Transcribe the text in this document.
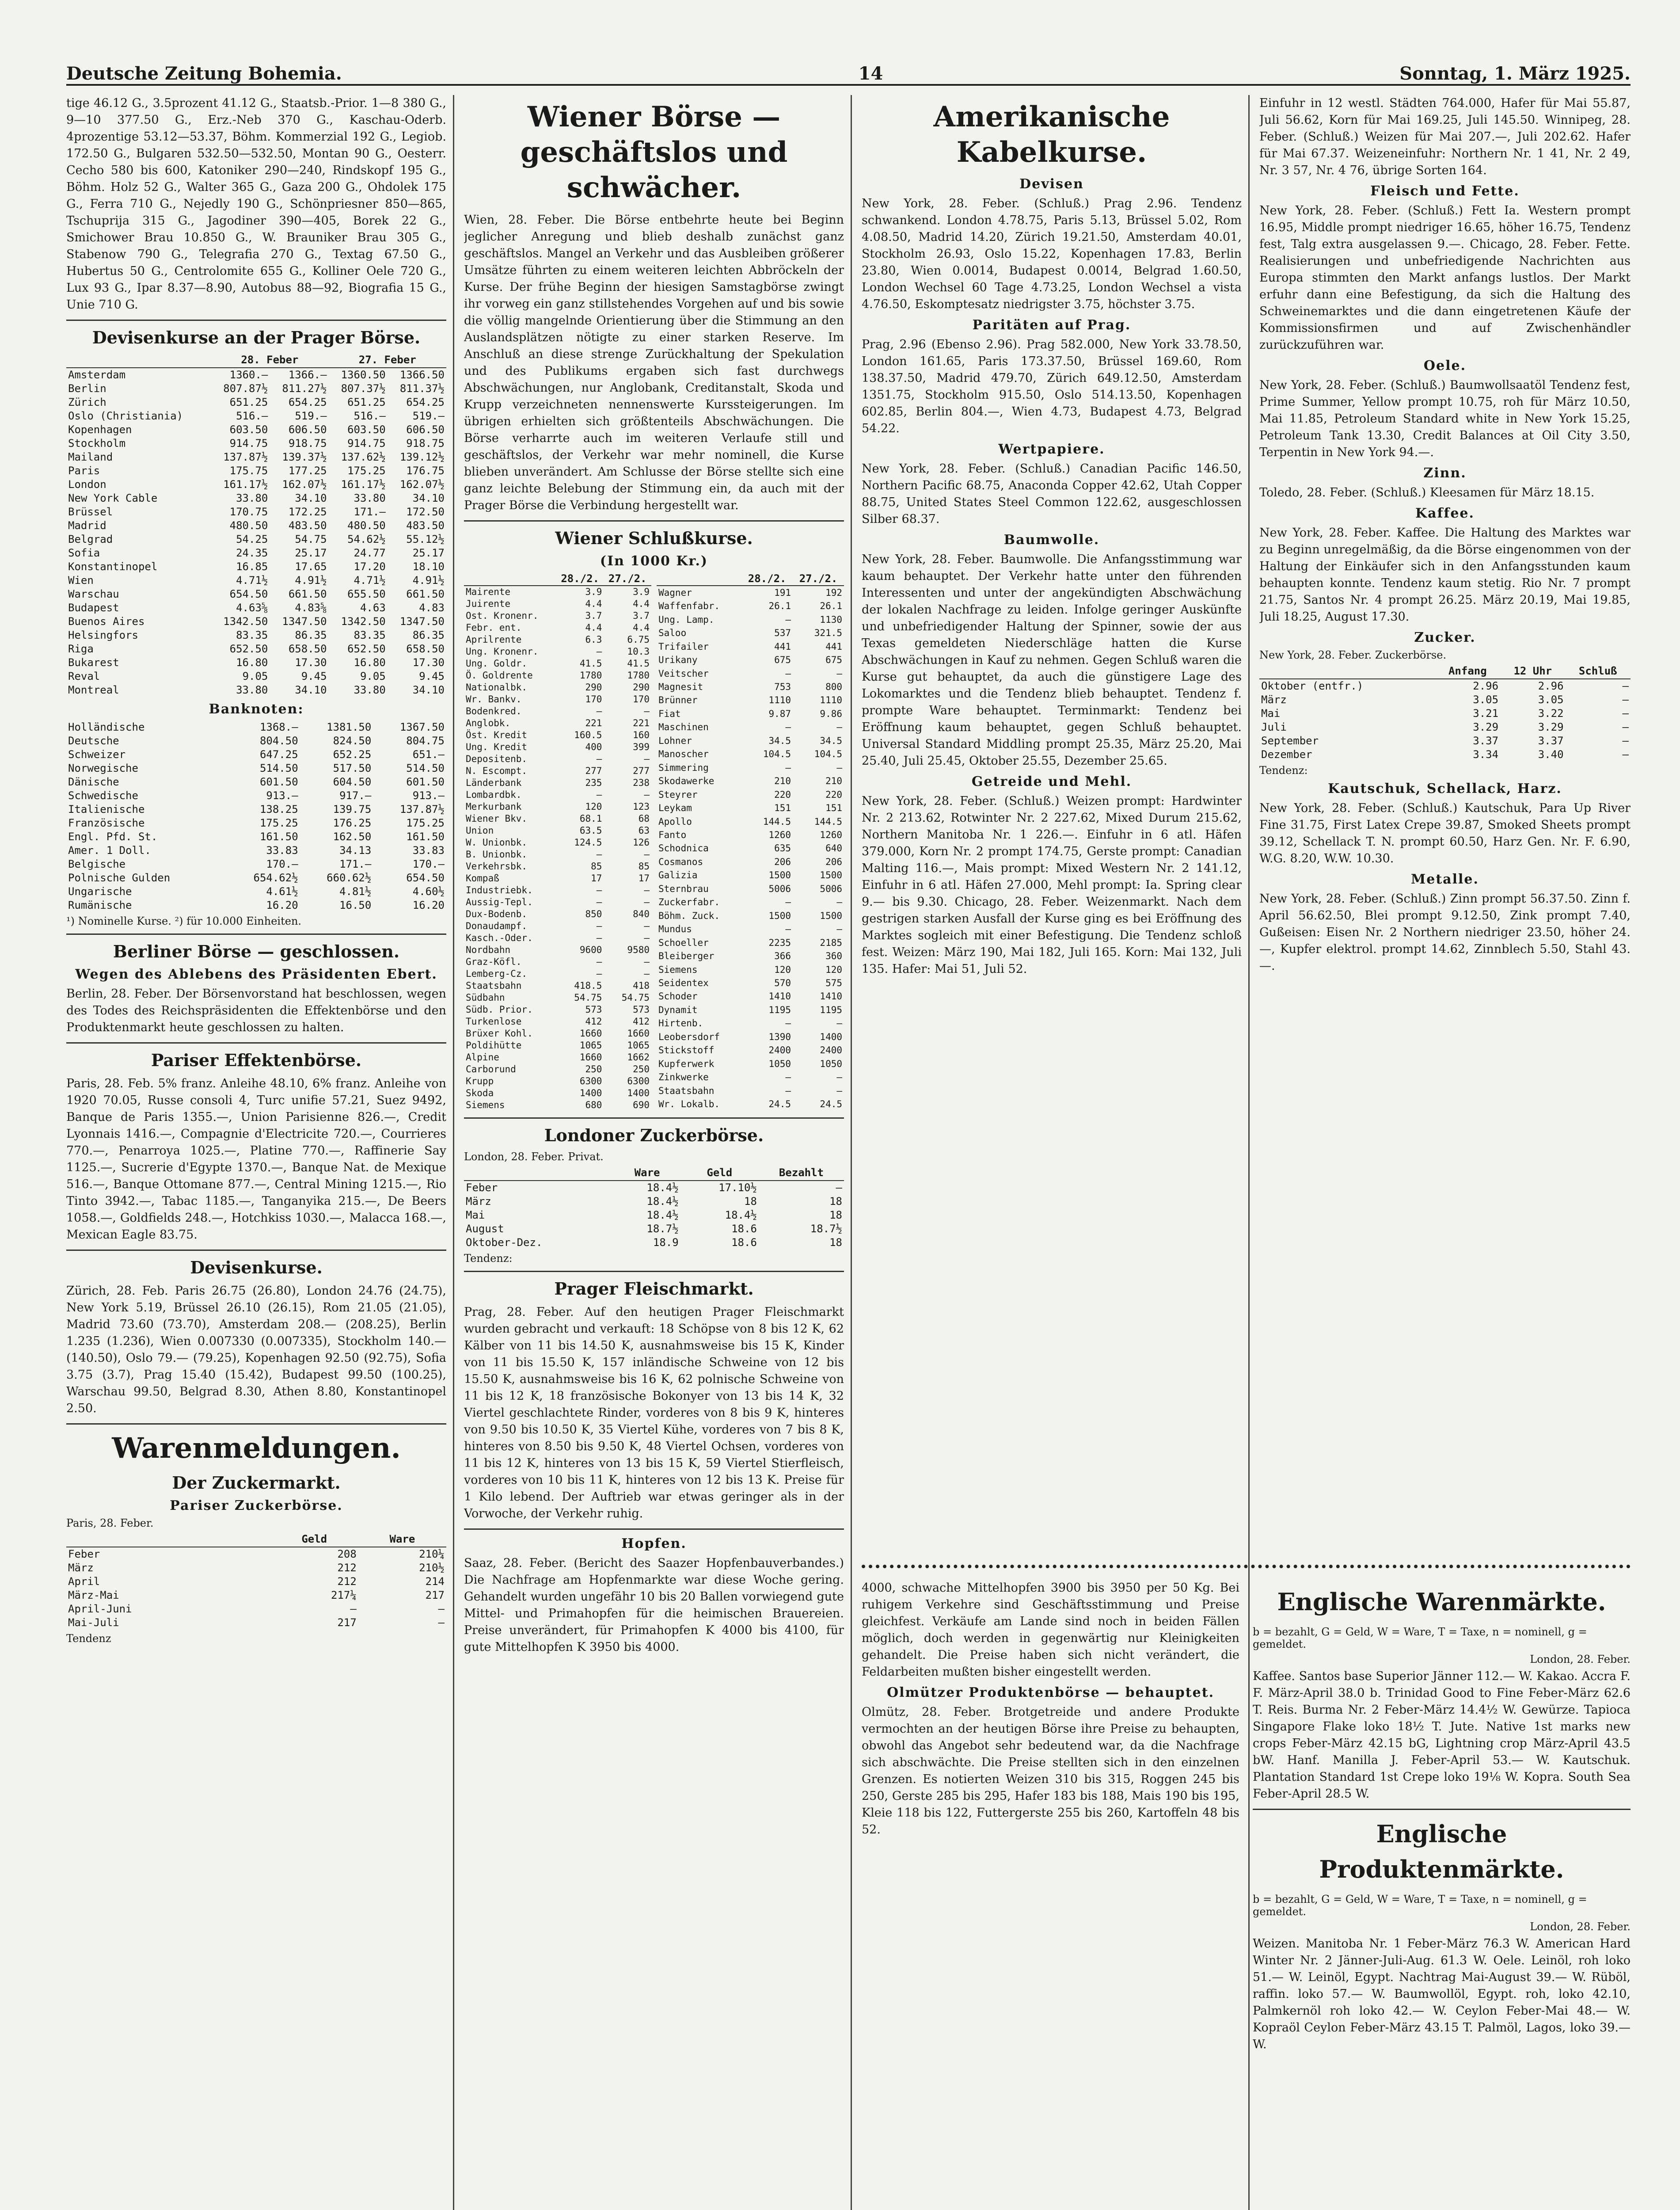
Deutsche Zeitung Bohemia.	14	Sonntag, 1. März 1925.

tige 46.12 G., 3.5prozent 41.12 G., Staatsb.-Prior. 1—8 380 G., 9—10 377.50 G., Erz.-Neb 370 G., Kaschau-Oderb. 4prozentige 53.12—53.37, Böhm. Kommerzial 192 G., Legiob. 172.50 G., Bulgaren 532.50—532.50, Montan 90 G., Oesterr. Cecho 580 bis 600, Katoniker 290—240, Rindskopf 195 G., Böhm. Holz 52 G., Walter 365 G., Gaza 200 G., Ohdolek 175 G., Ferra 710 G., Nejedly 190 G., Schönpriesner 850—865, Tschuprija 315 G., Jagodiner 390—405, Borek 22 G., Smichower Brau 10.850 G., W. Brauniker Brau 305 G., Stabenow 790 G., Telegrafia 270 G., Textag 67.50 G., Hubertus 50 G., Centrolomite 655 G., Kolliner Oele 720 G., Lux 93 G., Ipar 8.37—8.90, Autobus 88—92, Biografia 15 G., Unie 710 G.

Devisenkurse an der Prager Börse.
	28. Feber		27. Feber	
Amsterdam	1360.—	1366.—	1360.50	1366.50
Berlin	807.87½	811.27½	807.37½	811.37½
Zürich	651.25	654.25	651.25	654.25
Oslo (Christiania)	516.—	519.—	516.—	519.—
Kopenhagen	603.50	606.50	603.50	606.50
Stockholm	914.75	918.75	914.75	918.75
Mailand	137.87½	139.37½	137.62½	139.12½
Paris	175.75	177.25	175.25	176.75
London	161.17½	162.07½	161.17½	162.07½
New York Cable	33.80	34.10	33.80	34.10
Brüssel	170.75	172.25	171.—	172.50
Madrid	480.50	483.50	480.50	483.50
Belgrad	54.25	54.75	54.62½	55.12½
Sofia	24.35	25.17	24.77	25.17
Konstantinopel	16.85	17.65	17.20	18.10
Wien	4.71½	4.91½	4.71½	4.91½
Warschau	654.50	661.50	655.50	661.50
Budapest	4.63⅝	4.83⅝	4.63	4.83
Buenos Aires	1342.50	1347.50	1342.50	1347.50
Helsingfors	83.35	86.35	83.35	86.35
Riga	652.50	658.50	652.50	658.50
Bukarest	16.80	17.30	16.80	17.30
Reval	9.05	9.45	9.05	9.45
Montreal	33.80	34.10	33.80	34.10
Banknoten:
Holländische	1368.—	1381.50	1367.50
Deutsche	804.50	824.50	804.75
Schweizer	647.25	652.25	651.—
Norwegische	514.50	517.50	514.50
Dänische	601.50	604.50	601.50
Schwedische	913.—	917.—	913.—
Italienische	138.25	139.75	137.87½
Französische	175.25	176.25	175.25
Engl. Pfd. St.	161.50	162.50	161.50
Amer. 1 Doll.	33.83	34.13	33.83
Belgische	170.—	171.—	170.—
Polnische Gulden	654.62½	660.62½	654.50
Ungarische	4.61½	4.81½	4.60½
Rumänische	16.20	16.50	16.20
¹) Nominelle Kurse. ²) für 10.000 Einheiten.
Berliner Börse — geschlossen.
Wegen des Ablebens des Präsidenten Ebert.

Berlin, 28. Feber. Der Börsenvorstand hat beschlossen, wegen des Todes des Reichspräsidenten die Effektenbörse und den Produktenmarkt heute geschlossen zu halten.

Pariser Effektenbörse.

Paris, 28. Feb. 5% franz. Anleihe 48.10, 6% franz. Anleihe von 1920 70.05, Russe consoli 4, Turc unifie 57.21, Suez 9492, Banque de Paris 1355.—, Union Parisienne 826.—, Credit Lyonnais 1416.—, Compagnie d'Electricite 720.—, Courrieres 770.—, Penarroya 1025.—, Platine 770.—, Raffinerie Say 1125.—, Sucrerie d'Egypte 1370.—, Banque Nat. de Mexique 516.—, Banque Ottomane 877.—, Central Mining 1215.—, Rio Tinto 3942.—, Tabac 1185.—, Tanganyika 215.—, De Beers 1058.—, Goldfields 248.—, Hotchkiss 1030.—, Malacca 168.—, Mexican Eagle 83.75.

Devisenkurse.

Zürich, 28. Feb. Paris 26.75 (26.80), London 24.76 (24.75), New York 5.19, Brüssel 26.10 (26.15), Rom 21.05 (21.05), Madrid 73.60 (73.70), Amsterdam 208.— (208.25), Berlin 1.235 (1.236), Wien 0.007330 (0.007335), Stockholm 140.— (140.50), Oslo 79.— (79.25), Kopenhagen 92.50 (92.75), Sofia 3.75 (3.7), Prag 15.40 (15.42), Budapest 99.50 (100.25), Warschau 99.50, Belgrad 8.30, Athen 8.80, Konstantinopel 2.50.

Warenmeldungen.
Der Zuckermarkt.
Pariser Zuckerbörse.
Paris, 28. Feber.
	Geld	Ware
Feber	208	210¼
März	212	210½
April	212	214
März-Mai	217¼	217
April-Juni	—	—
Mai-Juli	217	—
Tendenz
Wiener Börse — geschäftslos und schwächer.

Wien, 28. Feber. Die Börse entbehrte heute bei Beginn jeglicher Anregung und blieb deshalb zunächst ganz geschäftslos. Mangel an Verkehr und das Ausbleiben größerer Umsätze führten zu einem weiteren leichten Abbröckeln der Kurse. Der frühe Beginn der hiesigen Samstagbörse zwingt ihr vorweg ein ganz stillstehendes Vorgehen auf und bis sowie die völlig mangelnde Orientierung über die Stimmung an den Auslandsplätzen nötigte zu einer starken Reserve. Im Anschluß an diese strenge Zurückhaltung der Spekulation und des Publikums ergaben sich fast durchwegs Abschwächungen, nur Anglobank, Creditanstalt, Skoda und Krupp verzeichneten nennenswerte Kurssteigerungen. Im übrigen erhielten sich größtenteils Abschwächungen. Die Börse verharrte auch im weiteren Verlaufe still und geschäftslos, der Verkehr war mehr nominell, die Kurse blieben unverändert. Am Schlusse der Börse stellte sich eine ganz leichte Belebung der Stimmung ein, da auch mit der Prager Börse die Verbindung hergestellt war.

Wiener Schlußkurse.
(In 1000 Kr.)
	28./2.	27./2.
Mairente	3.9	3.9
Juirente	4.4	4.4
Ost. Kronenr.	3.7	3.7
Febr. ent.	4.4	4.4
Aprilrente	6.3	6.75
Ung. Kronenr.	—	10.3
Ung. Goldr.	41.5	41.5
Ö. Goldrente	1780	1780
Nationalbk.	290	290
Wr. Bankv.	170	170
Bodenkred.	—	—
Anglobk.	221	221
Öst. Kredit	160.5	160
Ung. Kredit	400	399
Depositenb.	—	—
N. Escompt.	277	277
Länderbank	235	238
Lombardbk.	—	—
Merkurbank	120	123
Wiener Bkv.	68.1	68
Union	63.5	63
W. Unionbk.	124.5	126
B. Unionbk.	—	—
Verkehrsbk.	85	85
Kompaß	17	17
Industriebk.	—	—
Aussig-Tepl.	—	—
Dux-Bodenb.	850	840
Donaudampf.	—	—
Kasch.-Oder.	—	—
Nordbahn	9600	9580
Graz-Köfl.	—	—
Lemberg-Cz.	—	—
Staatsbahn	418.5	418
Südbahn	54.75	54.75
Südb. Prior.	573	573
Turkenlose	412	412
Brüxer Kohl.	1660	1660
Poldihütte	1065	1065
Alpine	1660	1662
Carborund	250	250
Krupp	6300	6300
Skoda	1400	1400
Siemens	680	690
	28./2.	27./2.
Wagner	191	192
Waffenfabr.	26.1	26.1
Ung. Lamp.	—	1130
Saloo	537	321.5
Trifailer	441	441
Urikany	675	675
Veitscher	—	—
Magnesit	753	800
Brünner	1110	1110
Fiat	9.87	9.86
Maschinen	—	—
Lohner	34.5	34.5
Manoscher	104.5	104.5
Simmering	—	—
Skodawerke	210	210
Steyrer	220	220
Leykam	151	151
Apollo	144.5	144.5
Fanto	1260	1260
Schodnica	635	640
Cosmanos	206	206
Galizia	1500	1500
Sternbrau	5006	5006
Zuckerfabr.	—	—
Böhm. Zuck.	1500	1500
Mundus	—	—
Schoeller	2235	2185
Bleiberger	366	360
Siemens	120	120
Seidentex	570	575
Schoder	1410	1410
Dynamit	1195	1195
Hirtenb.	—	—
Leobersdorf	1390	1400
Stickstoff	2400	2400
Kupferwerk	1050	1050
Zinkwerke	—	—
Staatsbahn	—	—
Wr. Lokalb.	24.5	24.5
Londoner Zuckerbörse.
London, 28. Feber. Privat.
	Ware	Geld	Bezahlt
Feber	18.4½	17.10½	—
März	18.4½	18	18
Mai	18.4½	18.4½	18
August	18.7½	18.6	18.7½
Oktober-Dez.	18.9	18.6	18
Tendenz:
Prager Fleischmarkt.

Prag, 28. Feber. Auf den heutigen Prager Fleischmarkt wurden gebracht und verkauft: 18 Schöpse von 8 bis 12 K, 62 Kälber von 11 bis 14.50 K, ausnahmsweise bis 15 K, Kinder von 11 bis 15.50 K, 157 inländische Schweine von 12 bis 15.50 K, ausnahmsweise bis 16 K, 62 polnische Schweine von 11 bis 12 K, 18 französische Bokonyer von 13 bis 14 K, 32 Viertel geschlachtete Rinder, vorderes von 8 bis 9 K, hinteres von 9.50 bis 10.50 K, 35 Viertel Kühe, vorderes von 7 bis 8 K, hinteres von 8.50 bis 9.50 K, 48 Viertel Ochsen, vorderes von 11 bis 12 K, hinteres von 13 bis 15 K, 59 Viertel Stierfleisch, vorderes von 10 bis 11 K, hinteres von 12 bis 13 K. Preise für 1 Kilo lebend. Der Auftrieb war etwas geringer als in der Vorwoche, der Verkehr ruhig.

Hopfen.

Saaz, 28. Feber. (Bericht des Saazer Hopfenbauverbandes.) Die Nachfrage am Hopfenmarkte war diese Woche gering. Gehandelt wurden ungefähr 10 bis 20 Ballen vorwiegend gute Mittel- und Primahopfen für die heimischen Brauereien. Preise unverändert, für Primahopfen K 4000 bis 4100, für gute Mittelhopfen K 3950 bis 4000.

Amerikanische Kabelkurse.
Devisen

New York, 28. Feber. (Schluß.) Prag 2.96. Tendenz schwankend. London 4.78.75, Paris 5.13, Brüssel 5.02, Rom 4.08.50, Madrid 14.20, Zürich 19.21.50, Amsterdam 40.01, Stockholm 26.93, Oslo 15.22, Kopenhagen 17.83, Berlin 23.80, Wien 0.0014, Budapest 0.0014, Belgrad 1.60.50, London Wechsel 60 Tage 4.73.25, London Wechsel a vista 4.76.50, Eskomptesatz niedrigster 3.75, höchster 3.75.

Paritäten auf Prag.

Prag, 2.96 (Ebenso 2.96). Prag 582.000, New York 33.78.50, London 161.65, Paris 173.37.50, Brüssel 169.60, Rom 138.37.50, Madrid 479.70, Zürich 649.12.50, Amsterdam 1351.75, Stockholm 915.50, Oslo 514.13.50, Kopenhagen 602.85, Berlin 804.—, Wien 4.73, Budapest 4.73, Belgrad 54.22.

Wertpapiere.

New York, 28. Feber. (Schluß.) Canadian Pacific 146.50, Northern Pacific 68.75, Anaconda Copper 42.62, Utah Copper 88.75, United States Steel Common 122.62, ausgeschlossen Silber 68.37.

Baumwolle.

New York, 28. Feber. Baumwolle. Die Anfangsstimmung war kaum behauptet. Der Verkehr hatte unter den führenden Interessenten und unter der angekündigten Abschwächung der lokalen Nachfrage zu leiden. Infolge geringer Auskünfte und unbefriedigender Haltung der Spinner, sowie der aus Texas gemeldeten Niederschläge hatten die Kurse Abschwächungen in Kauf zu nehmen. Gegen Schluß waren die Kurse gut behauptet, da auch die günstigere Lage des Lokomarktes und die Tendenz blieb behauptet. Tendenz f. prompte Ware behauptet. Terminmarkt: Tendenz bei Eröffnung kaum behauptet, gegen Schluß behauptet. Universal Standard Middling prompt 25.35, März 25.20, Mai 25.40, Juli 25.45, Oktober 25.55, Dezember 25.65.

Getreide und Mehl.

New York, 28. Feber. (Schluß.) Weizen prompt: Hardwinter Nr. 2 213.62, Rotwinter Nr. 2 227.62, Mixed Durum 215.62, Northern Manitoba Nr. 1 226.—. Einfuhr in 6 atl. Häfen 379.000, Korn Nr. 2 prompt 174.75, Gerste prompt: Canadian Malting 116.—, Mais prompt: Mixed Western Nr. 2 141.12, Einfuhr in 6 atl. Häfen 27.000, Mehl prompt: Ia. Spring clear 9.— bis 9.30. Chicago, 28. Feber. Weizenmarkt. Nach dem gestrigen starken Ausfall der Kurse ging es bei Eröffnung des Marktes sogleich mit einer Befestigung. Die Tendenz schloß fest. Weizen: März 190, Mai 182, Juli 165. Korn: Mai 132, Juli 135. Hafer: Mai 51, Juli 52.

Einfuhr in 12 westl. Städten 764.000, Hafer für Mai 55.87, Juli 56.62, Korn für Mai 169.25, Juli 145.50. Winnipeg, 28. Feber. (Schluß.) Weizen für Mai 207.—, Juli 202.62. Hafer für Mai 67.37. Weizeneinfuhr: Northern Nr. 1 41, Nr. 2 49, Nr. 3 57, Nr. 4 76, übrige Sorten 164.

Fleisch und Fette.

New York, 28. Feber. (Schluß.) Fett Ia. Western prompt 16.95, Middle prompt niedriger 16.65, höher 16.75, Tendenz fest, Talg extra ausgelassen 9.—. Chicago, 28. Feber. Fette. Realisierungen und unbefriedigende Nachrichten aus Europa stimmten den Markt anfangs lustlos. Der Markt erfuhr dann eine Befestigung, da sich die Haltung des Schweinemarktes und die dann eingetretenen Käufe der Kommissionsfirmen und auf Zwischenhändler zurückzuführen war.

Oele.

New York, 28. Feber. (Schluß.) Baumwollsaatöl Tendenz fest, Prime Summer, Yellow prompt 10.75, roh für März 10.50, Mai 11.85, Petroleum Standard white in New York 15.25, Petroleum Tank 13.30, Credit Balances at Oil City 3.50, Terpentin in New York 94.—.

Zinn.

Toledo, 28. Feber. (Schluß.) Kleesamen für März 18.15.

Kaffee.

New York, 28. Feber. Kaffee. Die Haltung des Marktes war zu Beginn unregelmäßig, da die Börse eingenommen von der Haltung der Einkäufer sich in den Anfangsstunden kaum behaupten konnte. Tendenz kaum stetig. Rio Nr. 7 prompt 21.75, Santos Nr. 4 prompt 26.25. März 20.19, Mai 19.85, Juli 18.25, August 17.30.

Zucker.
New York, 28. Feber. Zuckerbörse.
	Anfang	12 Uhr	Schluß
Oktober (entfr.)	2.96	2.96	—
März	3.05	3.05	—
Mai	3.21	3.22	—
Juli	3.29	3.29	—
September	3.37	3.37	—
Dezember	3.34	3.40	—
Tendenz:
Kautschuk, Schellack, Harz.

New York, 28. Feber. (Schluß.) Kautschuk, Para Up River Fine 31.75, First Latex Crepe 39.87, Smoked Sheets prompt 39.12, Schellack T. N. prompt 60.50, Harz Gen. Nr. F. 6.90, W.G. 8.20, W.W. 10.30.

Metalle.

New York, 28. Feber. (Schluß.) Zinn prompt 56.37.50. Zinn f. April 56.62.50, Blei prompt 9.12.50, Zink prompt 7.40, Gußeisen: Eisen Nr. 2 Northern niedriger 23.50, höher 24.—, Kupfer elektrol. prompt 14.62, Zinnblech 5.50, Stahl 43.—.

4000, schwache Mittelhopfen 3900 bis 3950 per 50 Kg. Bei ruhigem Verkehre sind Geschäftsstimmung und Preise gleichfest. Verkäufe am Lande sind noch in beiden Fällen möglich, doch werden in gegenwärtig nur Kleinigkeiten gehandelt. Die Preise haben sich nicht verändert, die Feldarbeiten mußten bisher eingestellt werden.

Olmützer Produktenbörse — behauptet.

Olmütz, 28. Feber. Brotgetreide und andere Produkte vermochten an der heutigen Börse ihre Preise zu behaupten, obwohl das Angebot sehr bedeutend war, da die Nachfrage sich abschwächte. Die Preise stellten sich in den einzelnen Grenzen. Es notierten Weizen 310 bis 315, Roggen 245 bis 250, Gerste 285 bis 295, Hafer 183 bis 188, Mais 190 bis 195, Kleie 118 bis 122, Futtergerste 255 bis 260, Kartoffeln 48 bis 52.

Englische Warenmärkte.
b = bezahlt, G = Geld, W = Ware, T = Taxe, n = nominell, g = gemeldet.
London, 28. Feber.

Kaffee. Santos base Superior Jänner 112.— W. Kakao. Accra F. F. März-April 38.0 b. Trinidad Good to Fine Feber-März 62.6 T. Reis. Burma Nr. 2 Feber-März 14.4½ W. Gewürze. Tapioca Singapore Flake loko 18½ T. Jute. Native 1st marks new crops Feber-März 42.15 bG, Lightning crop März-April 43.5 bW. Hanf. Manilla J. Feber-April 53.— W. Kautschuk. Plantation Standard 1st Crepe loko 19⅛ W. Kopra. South Sea Feber-April 28.5 W.

Englische Produktenmärkte.
b = bezahlt, G = Geld, W = Ware, T = Taxe, n = nominell, g = gemeldet.
London, 28. Feber.

Weizen. Manitoba Nr. 1 Feber-März 76.3 W. American Hard Winter Nr. 2 Jänner-Juli-Aug. 61.3 W. Oele. Leinöl, roh loko 51.— W. Leinöl, Egypt. Nachtrag Mai-August 39.— W. Rüböl, raffin. loko 57.— W. Baumwollöl, Egypt. roh, loko 42.10, Palmkernöl roh loko 42.— W. Ceylon Feber-Mai 48.— W. Kopraöl Ceylon Feber-März 43.15 T. Palmöl, Lagos, loko 39.— W.
